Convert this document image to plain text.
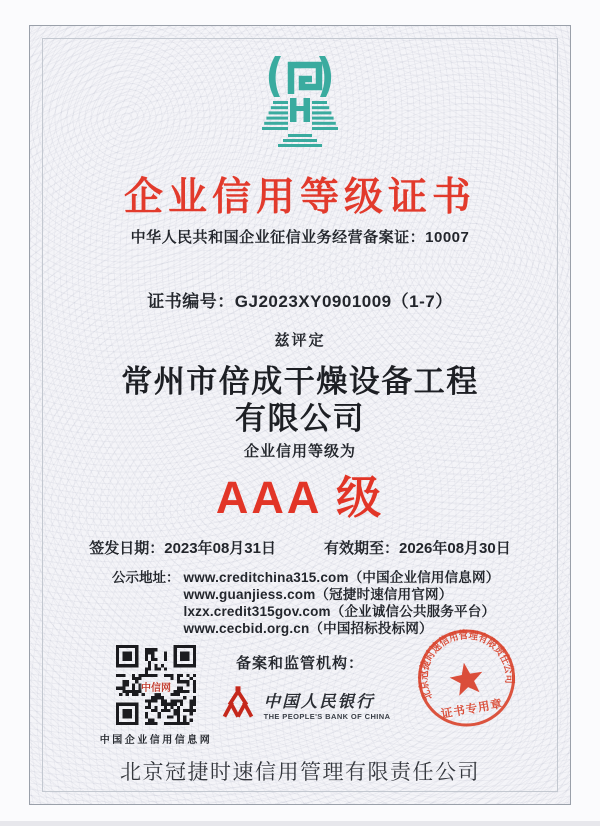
企业信用等级证书
中华人民共和国企业征信业务经营备案证：10007
证书编号：GJ2023XY0901009（1-7）
兹评定
常州市倍成干燥设备工程
有限公司
企业信用等级为
AAA 级
签发日期：2023年08月31日	有效期至：2026年08月30日
公示地址： www.creditchina315.com（中国企业信用信息网）
www.guanjiess.com（冠捷时速信用官网）
lxzx.credit315gov.com（企业诚信公共服务平台）
www.cecbid.org.cn（中国招标投标网）
中信网
中国企业信用信息网
备案和监管机构：
中国人民银行
THE PEOPLE'S BANK OF CHINA
北京冠捷时速信用管理有限责任公司
证书专用章
北京冠捷时速信用管理有限责任公司
